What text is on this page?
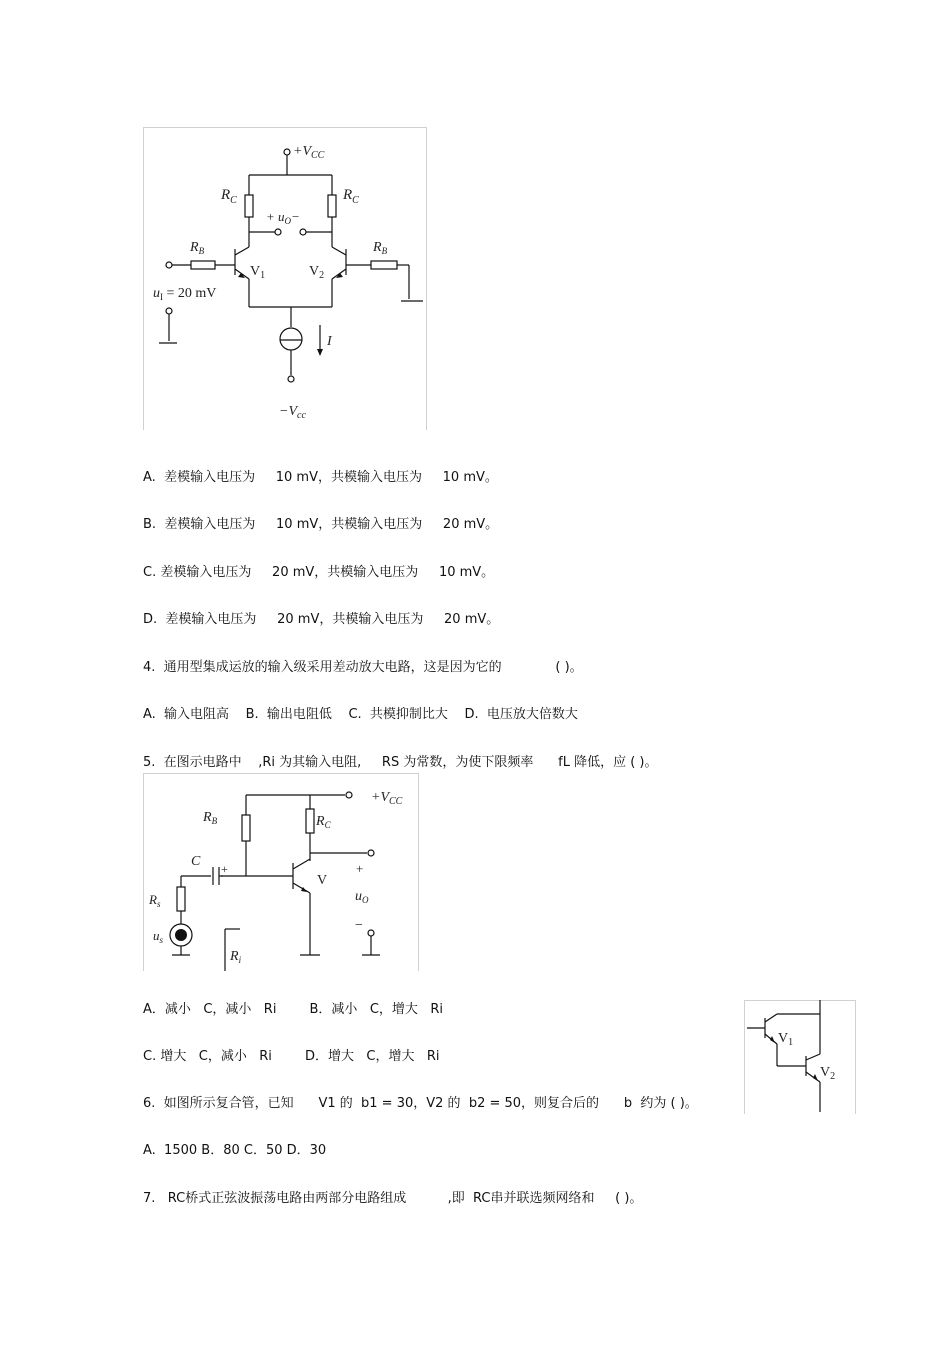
$+V_{CC}$
$R_C$	$R_C$
+ $u_O-$
$R_B$	$R_B$
$V_1$	$V_2$
$u_I = 20$ mV
I
$-V_{cc}$
A. 差模输入电压为 10 mV，共模输入电压为 10 mV。
B. 差模输入电压为 10 mV，共模输入电压为 20 mV。
C. 差模输入电压为 20 mV，共模输入电压为 10 mV。
D. 差模输入电压为 20 mV，共模输入电压为 20 mV。
4.  通用型集成运放的输入级采用差动放大电路，这是因为它的	( )。
A.  输入电阻高 B.  输出电阻低 C.  共模抑制比大 D.  电压放大倍数大
5.  在图示电路中 ,Ri 为其输入电阻, RS 为常数，为使下限频率 fL 降低，应 ( )。
$+V_{CC}$
$R_B$	$R_C$
C +
V
+
$u_O$
−
$R_s$
$u_s$
$R_i$
A．减小 C，减小 Ri	B．减小 C，增大 Ri
C. 增大 C，减小 Ri	D．增大 C，增大 Ri
$V_1$
$V_2$
6.  如图所示复合管，已知 V1 的  b1 = 30，V2 的  b2 = 50，则复合后的 b  约为 ( )。
A.  1500 B．80 C．50 D．30
7.   RC桥式正弦波振荡电路由两部分电路组成	,即  RC串并联选频网络和 ( )。
